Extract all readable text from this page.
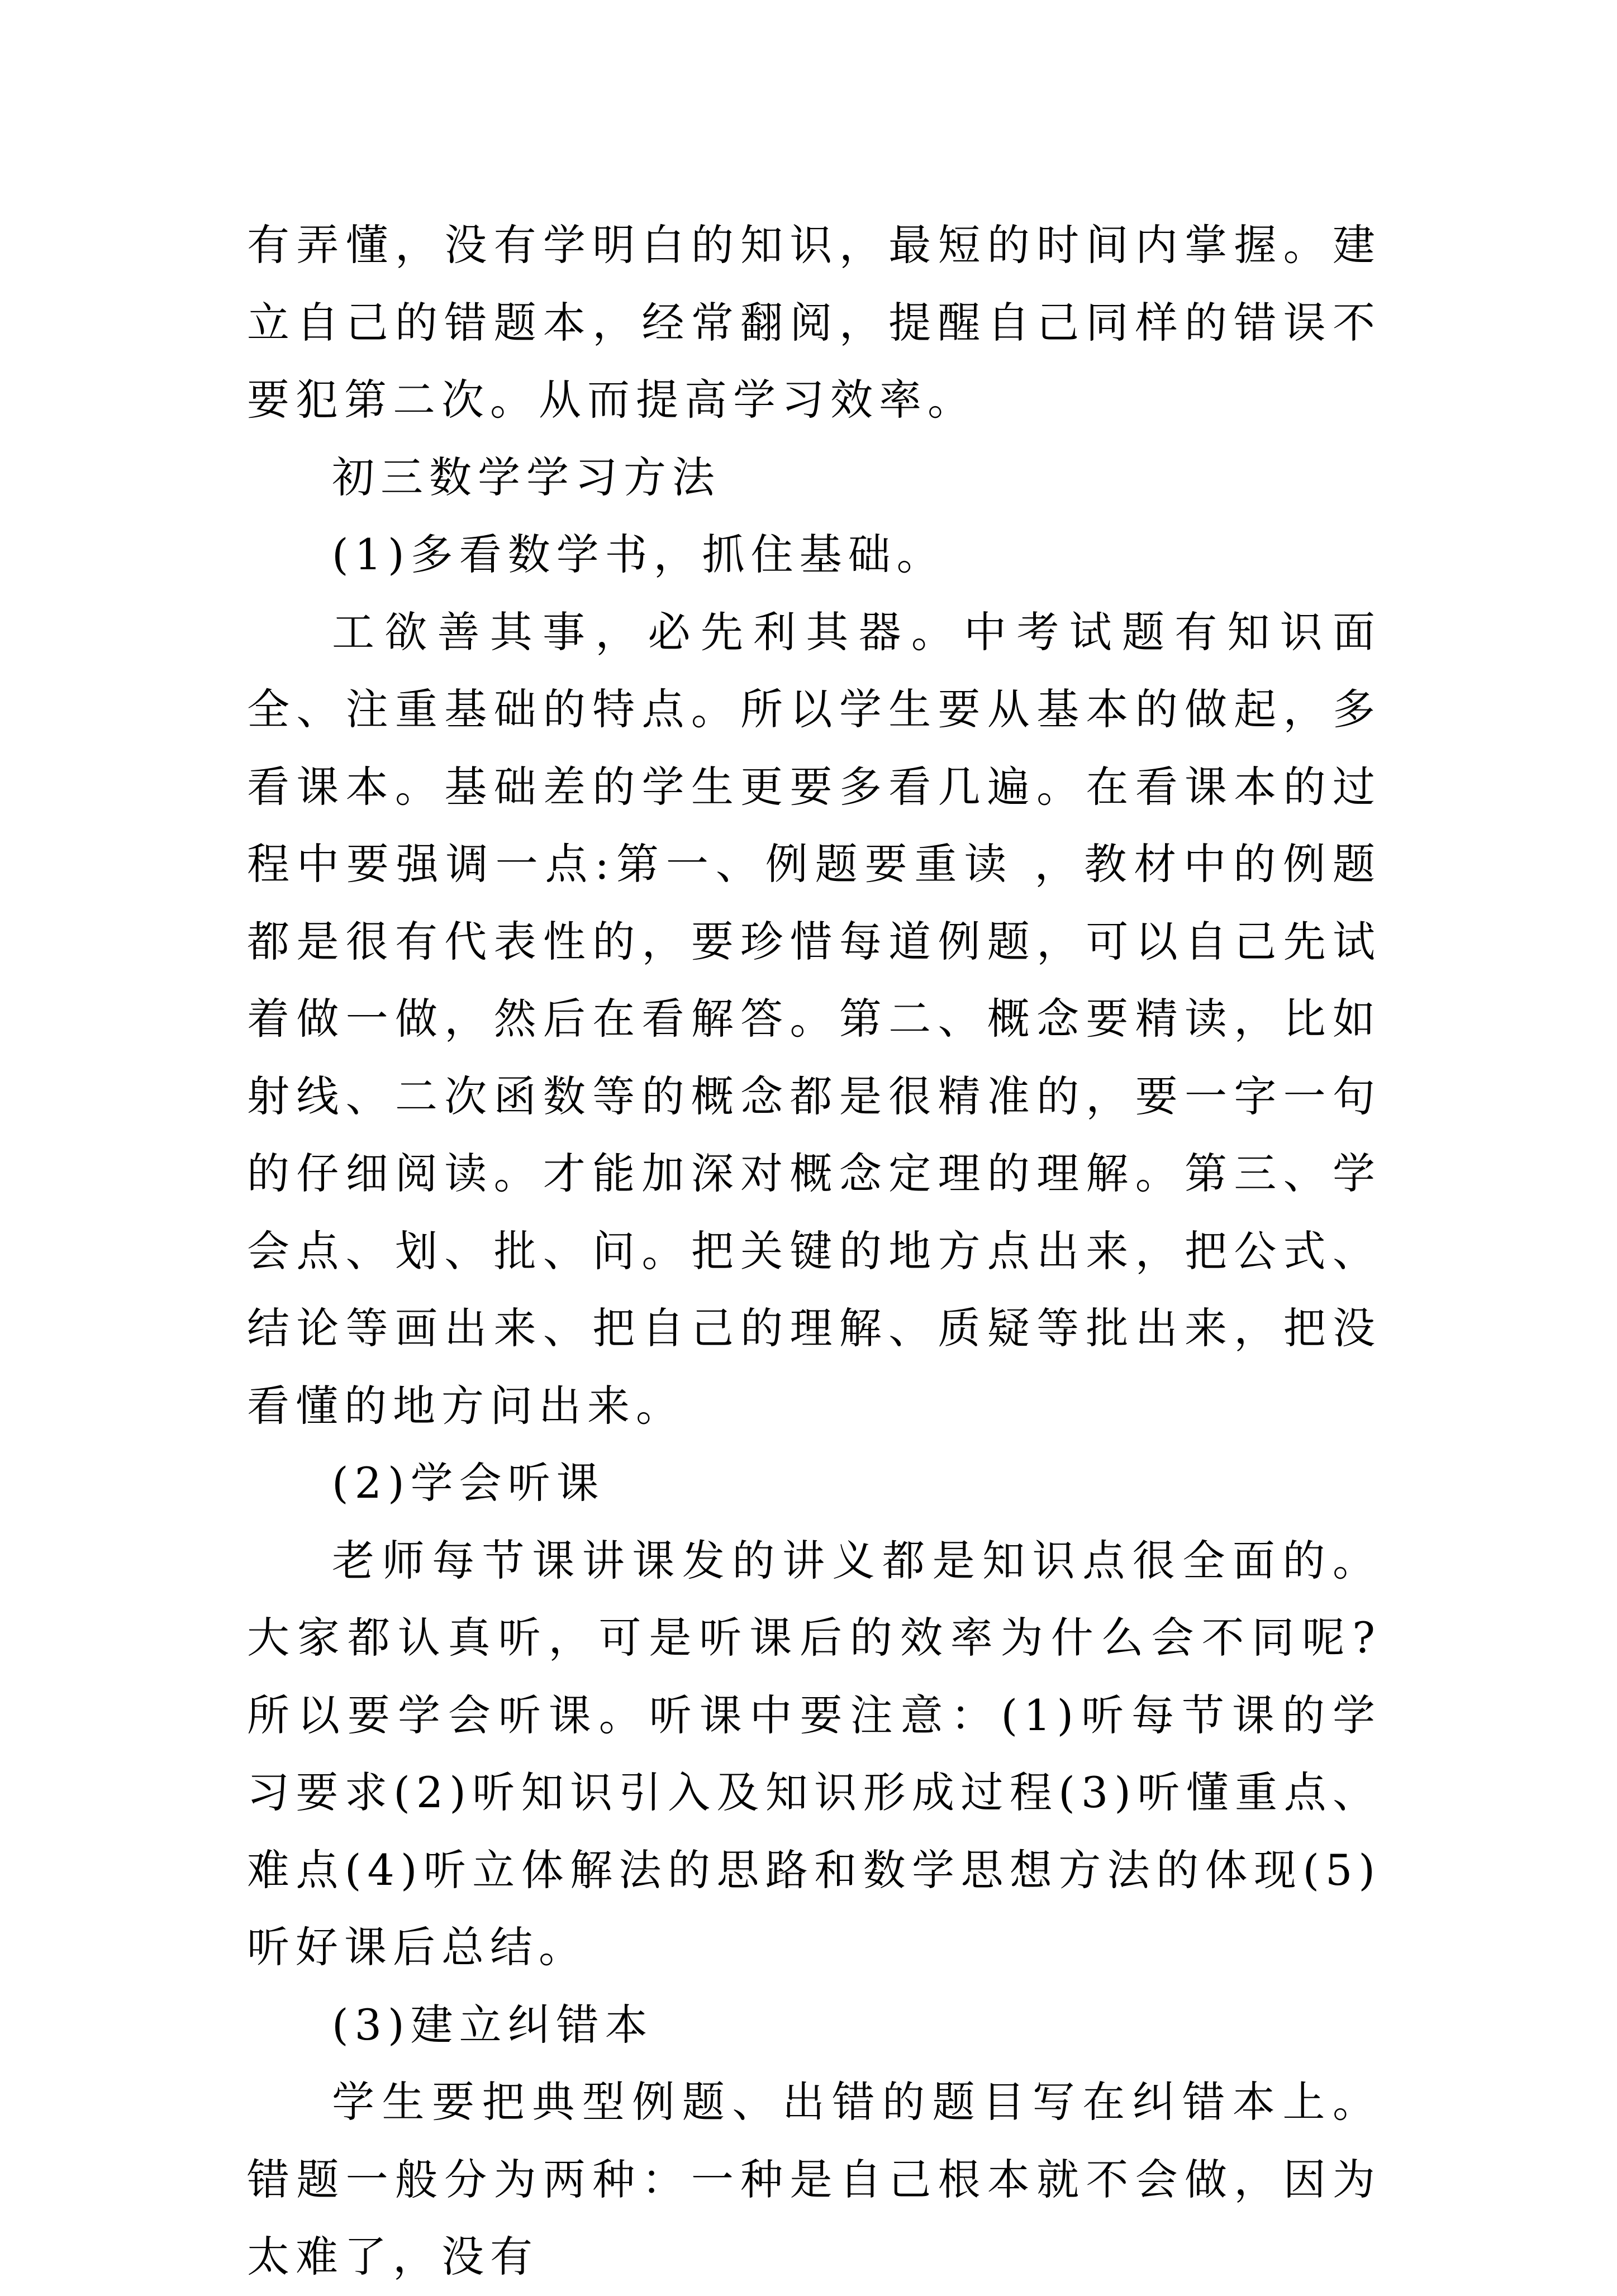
有弄懂，没有学明白的知识，最短的时间内掌握。建立自己的错题本，经常翻阅，提醒自己同样的错误不要犯第二次。从而提高学习效率。

初三数学学习方法

(1)多看数学书，抓住基础。

工欲善其事，必先利其器。中考试题有知识面全、注重基础的特点。所以学生要从基本的做起，多看课本。基础差的学生更要多看几遍。在看课本的过程中要强调一点:第一、例题要重读 ，教材中的例题都是很有代表性的，要珍惜每道例题，可以自己先试着做一做，然后在看解答。第二、概念要精读，比如射线、二次函数等的概念都是很精准的，要一字一句的仔细阅读。才能加深对概念定理的理解。第三、学会点、划、批、问。把关键的地方点出来，把公式、结论等画出来、把自己的理解、质疑等批出来，把没看懂的地方问出来。

(2)学会听课

老师每节课讲课发的讲义都是知识点很全面的。大家都认真听，可是听课后的效率为什么会不同呢?所以要学会听课。听课中要注意：(1)听每节课的学习要求(2)听知识引入及知识形成过程(3)听懂重点、难点(4)听立体解法的思路和数学思想方法的体现(5)听好课后总结。

(3)建立纠错本

学生要把典型例题、出错的题目写在纠错本上。错题一般分为两种：一种是自己根本就不会做，因为太难了，没有
